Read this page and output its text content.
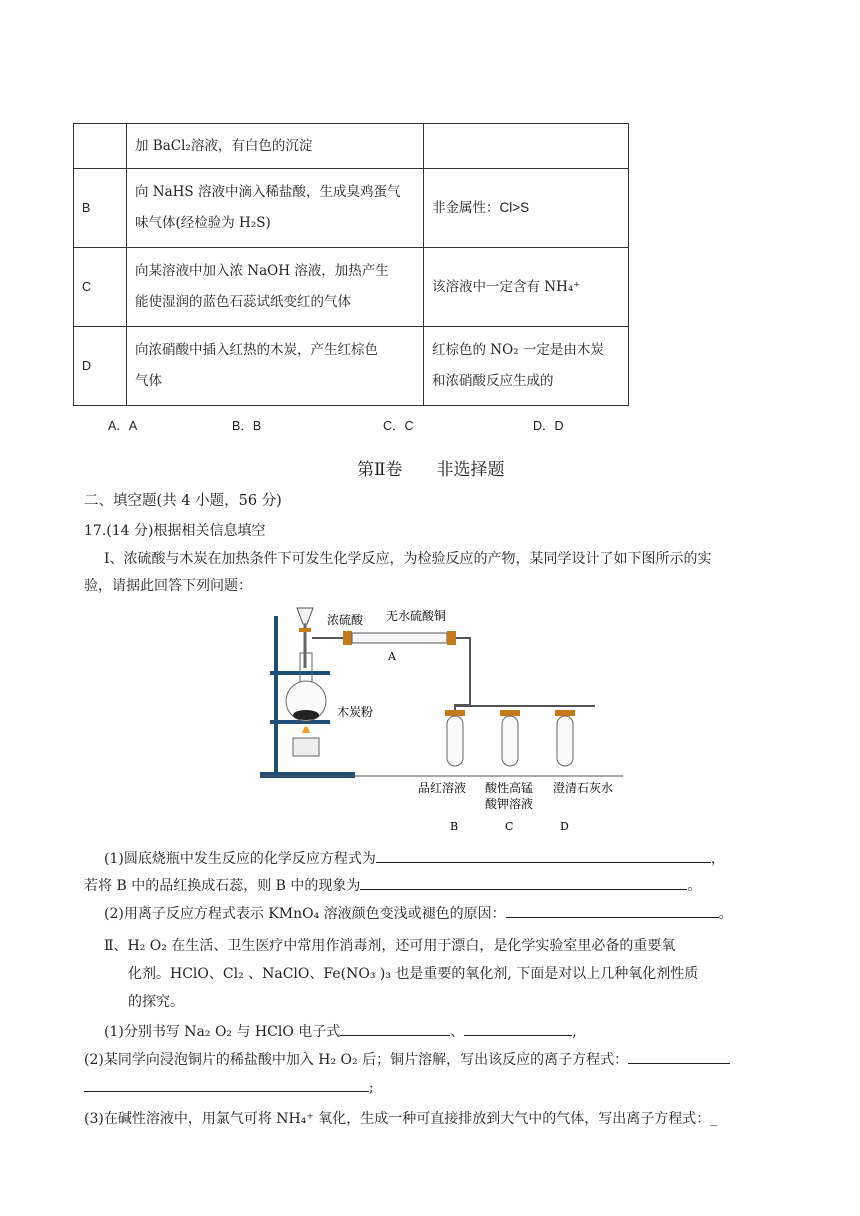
	加 BaCl₂溶液，有白色的沉淀	
B	向 NaHS 溶液中滴入稀盐酸，生成臭鸡蛋气
味气体(经检验为 H₂S)	非金属性：Cl>S
C	向某溶液中加入浓 NaOH 溶液，加热产生
能使湿润的蓝色石蕊试纸变红的气体	该溶液中一定含有 NH₄⁺
D	向浓硝酸中插入红热的木炭，产生红棕色
气体	红棕色的 NO₂ 一定是由木炭
和浓硝酸反应生成的
A．A	B．B	C．C	D．D
第Ⅱ卷　　非选择题
二、填空题(共 4 小题，56 分)
17.(14 分)根据相关信息填空
Ⅰ、浓硫酸与木炭在加热条件下可发生化学反应，为检验反应的产物，某同学设计了如下图所示的实
验，请据此回答下列问题：
浓硫酸 无水硫酸铜
A
木炭粉
品红溶液 酸性高锰
酸钾溶液
澄清石灰水
B	C	D
(1)圆底烧瓶中发生反应的化学反应方程式为	，
若将 B 中的品红换成石蕊，则 B 中的现象为	。
(2)用离子反应方程式表示 KMnO₄ 溶液颜色变浅或褪色的原因：	。
Ⅱ、H₂ O₂ 在生活、卫生医疗中常用作消毒剂，还可用于漂白，是化学实验室里必备的重要氧
化剂。HClO、Cl₂ 、NaClO、Fe(NO₃ )₃ 也是重要的氧化剂, 下面是对以上几种氧化剂性质
的探究。
(1)分别书写 Na₂ O₂ 与 HClO 电子式	、	,
(2)某同学向浸泡铜片的稀盐酸中加入 H₂ O₂ 后；铜片溶解，写出该反应的离子方程式：
;
(3)在碱性溶液中，用氯气可将 NH₄⁺ 氧化，生成一种可直接排放到大气中的气体，写出离子方程式：_
